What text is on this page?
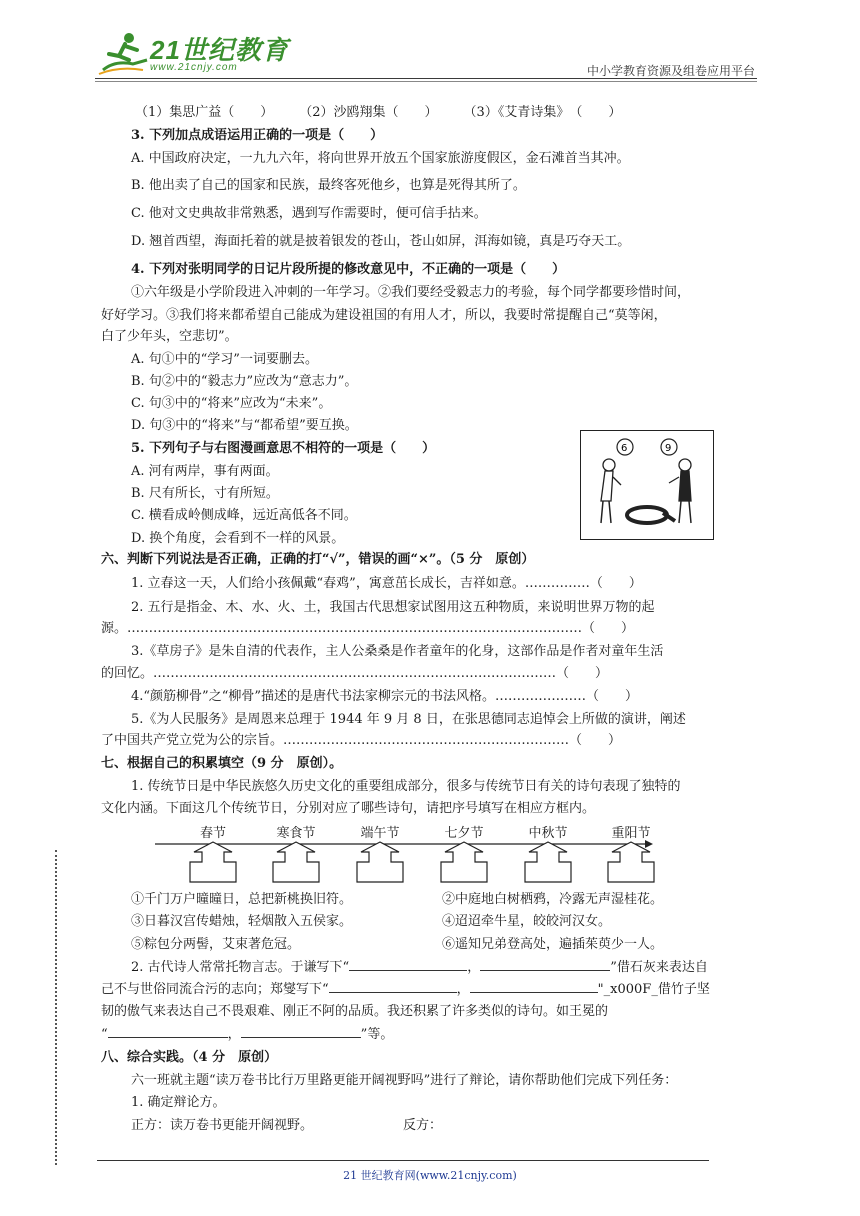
21世纪教育
www.21cnjy.com	中小学教育资源及组卷应用平台
（1）集思广益（　　）　　　（2）沙鸥翔集（　　）　　　（3）《艾青诗集》　（　　）
3. 下列加点成语运用正确的一项是（　　）
A. 中国政府决定，一九九六年，将向世界开放五个国家旅游度假区，金石滩首当其冲。
B. 他出卖了自己的国家和民族，最终客死他乡，也算是死得其所了。
C. 他对文史典故非常熟悉，遇到写作需要时，便可信手拈来。
D. 翘首西望，海面托着的就是披着银发的苍山，苍山如屏，洱海如镜，真是巧夺天工。
4. 下列对张明同学的日记片段所提的修改意见中，不正确的一项是（　　）
①六年级是小学阶段进入冲刺的一年学习。②我们要经受毅志力的考验，每个同学都要珍惜时间，
好好学习。③我们将来都希望自己能成为建设祖国的有用人才，所以，我要时常提醒自己“莫等闲，
白了少年头，空悲切”。
A. 句①中的“学习”一词要删去。
B. 句②中的“毅志力”应改为“意志力”。
C. 句③中的“将来”应改为“未来”。
D. 句③中的“将来”与“都希望”要互换。
5. 下列句子与右图漫画意思不相符的一项是（　　）
A. 河有两岸，事有两面。
B. 尺有所长，寸有所短。
C. 横看成岭侧成峰，远近高低各不同。
D. 换个角度，会看到不一样的风景。
6	9
六、判断下列说法是否正确，正确的打“√”，错误的画“×”。（5 分　原创）
1. 立春这一天，人们给小孩佩戴“春鸡”，寓意茁长成长，吉祥如意。……………（　　）
2. 五行是指金、木、水、火、土，我国古代思想家试图用这五种物质，来说明世界万物的起
源。……………………………………………………………………………………………（　　）
3.《草房子》是朱自清的代表作，主人公桑桑是作者童年的化身，这部作品是作者对童年生活
的回忆。…………………………………………………………………………………（　　）
4.“颜筋柳骨”之“柳骨”描述的是唐代书法家柳宗元的书法风格。…………………（　　）
5.《为人民服务》是周恩来总理于 1944 年 9 月 8 日，在张思德同志追悼会上所做的演讲，阐述
了中国共产党立党为公的宗旨。…………………………………………………………（　　）
七、根据自己的积累填空（9 分　原创）。
1. 传统节日是中华民族悠久历史文化的重要组成部分，很多与传统节日有关的诗句表现了独特的
文化内涵。下面这几个传统节日，分别对应了哪些诗句，请把序号填写在相应方框内。
春节	寒食节	端午节	七夕节	中秋节	重阳节
①千门万户曈曈日，总把新桃换旧符。	②中庭地白树栖鸦，冷露无声湿桂花。
③日暮汉宫传蜡烛，轻烟散入五侯家。	④迢迢牵牛星，皎皎河汉女。
⑤粽包分两髻，艾束著危冠。	⑥遥知兄弟登高处，遍插茱萸少一人。
2. 古代诗人常常托物言志。于谦写下“	，	”借石灰来表达自
己不与世俗同流合污的志向；郑燮写下“	，	"_x000F_借竹子坚
韧的傲气来表达自己不畏艰难、刚正不阿的品质。我还积累了许多类似的诗句。如王冕的
“	，	”等。
八、综合实践。（4 分　原创）
六一班就主题“读万卷书比行万里路更能开阔视野吗”进行了辩论，请你帮助他们完成下列任务：
1. 确定辩论方。
正方：读万卷书更能开阔视野。	反方：
21 世纪教育网(www.21cnjy.com)
